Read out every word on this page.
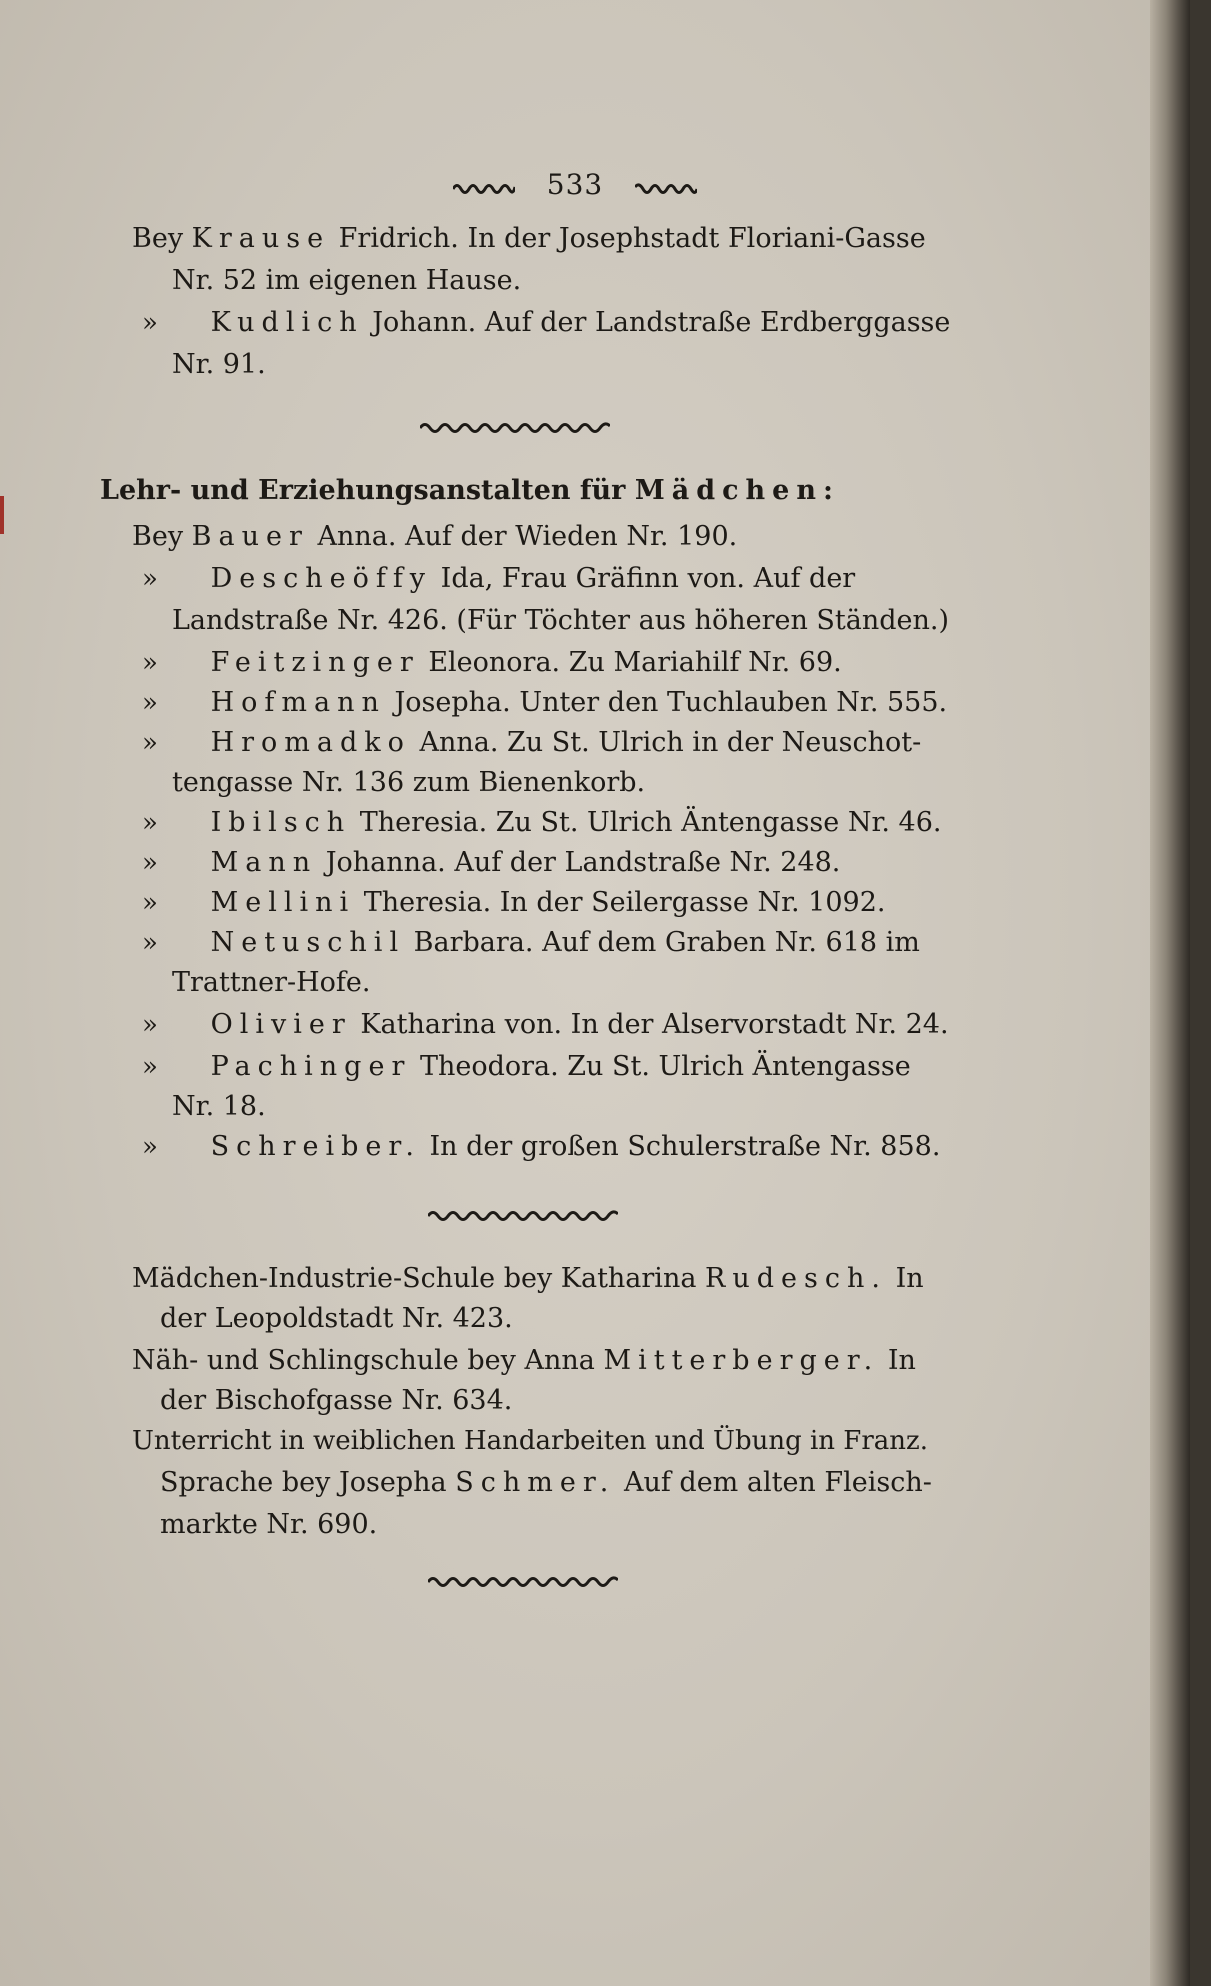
533
Bey Krause Fridrich. In der Josephstadt Floriani-Gasse
Nr. 52 im eigenen Hause.
» Kudlich Johann. Auf der Landstraße Erdberggasse
Nr. 91.
Lehr- und Erziehungsanstalten für Mädchen:
Bey Bauer Anna. Auf der Wieden Nr. 190.
» Descheöffy Ida, Frau Gräfinn von. Auf der
Landstraße Nr. 426. (Für Töchter aus höheren Ständen.)
» Feitzinger Eleonora. Zu Mariahilf Nr. 69.
» Hofmann Josepha. Unter den Tuchlauben Nr. 555.
» Hromadko Anna. Zu St. Ulrich in der Neuschot-
tengasse Nr. 136 zum Bienenkorb.
» Ibilsch Theresia. Zu St. Ulrich Äntengasse Nr. 46.
» Mann Johanna. Auf der Landstraße Nr. 248.
» Mellini Theresia. In der Seilergasse Nr. 1092.
» Netuschil Barbara. Auf dem Graben Nr. 618 im
Trattner-Hofe.
» Olivier Katharina von. In der Alservorstadt Nr. 24.
» Pachinger Theodora. Zu St. Ulrich Äntengasse
Nr. 18.
» Schreiber. In der großen Schulerstraße Nr. 858.
Mädchen-Industrie-Schule bey Katharina Rudesch. In
der Leopoldstadt Nr. 423.
Näh- und Schlingschule bey Anna Mitterberger. In
der Bischofgasse Nr. 634.
Unterricht in weiblichen Handarbeiten und Übung in Franz.
Sprache bey Josepha Schmer. Auf dem alten Fleisch-
markte Nr. 690.
